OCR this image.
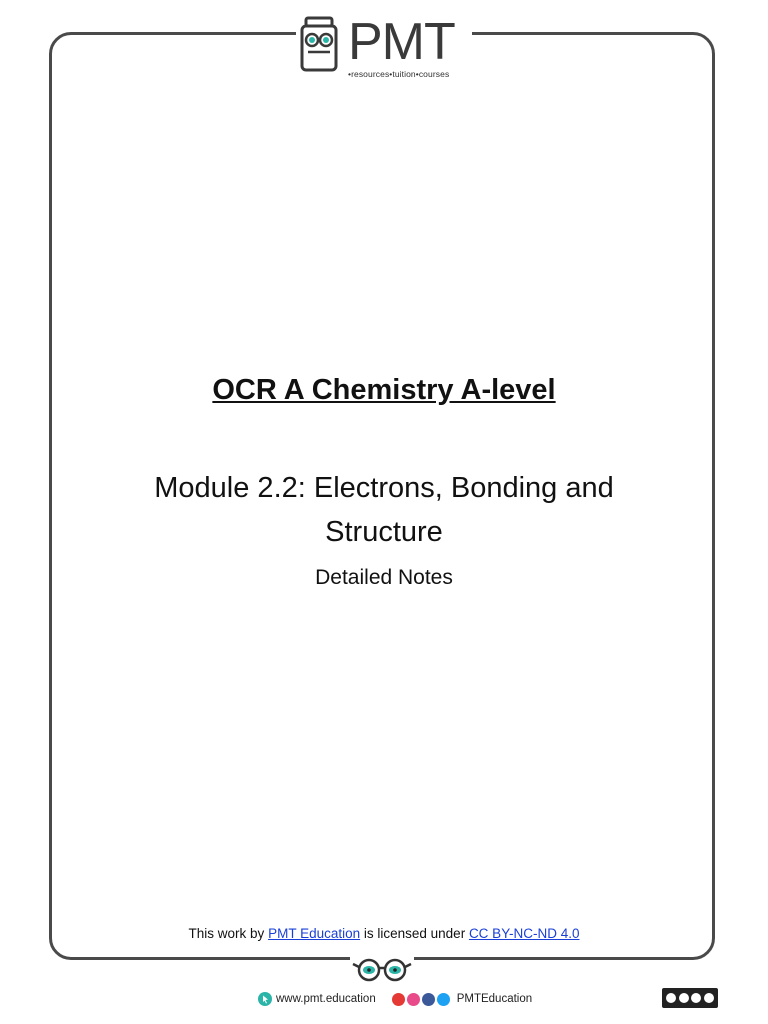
PMT
•resources•tuition•courses
OCR A Chemistry A-level
Module 2.2: Electrons, Bonding and
Structure
Detailed Notes
This work by PMT Education is licensed under CC BY-NC-ND 4.0
www.pmt.education	PMTEducation
